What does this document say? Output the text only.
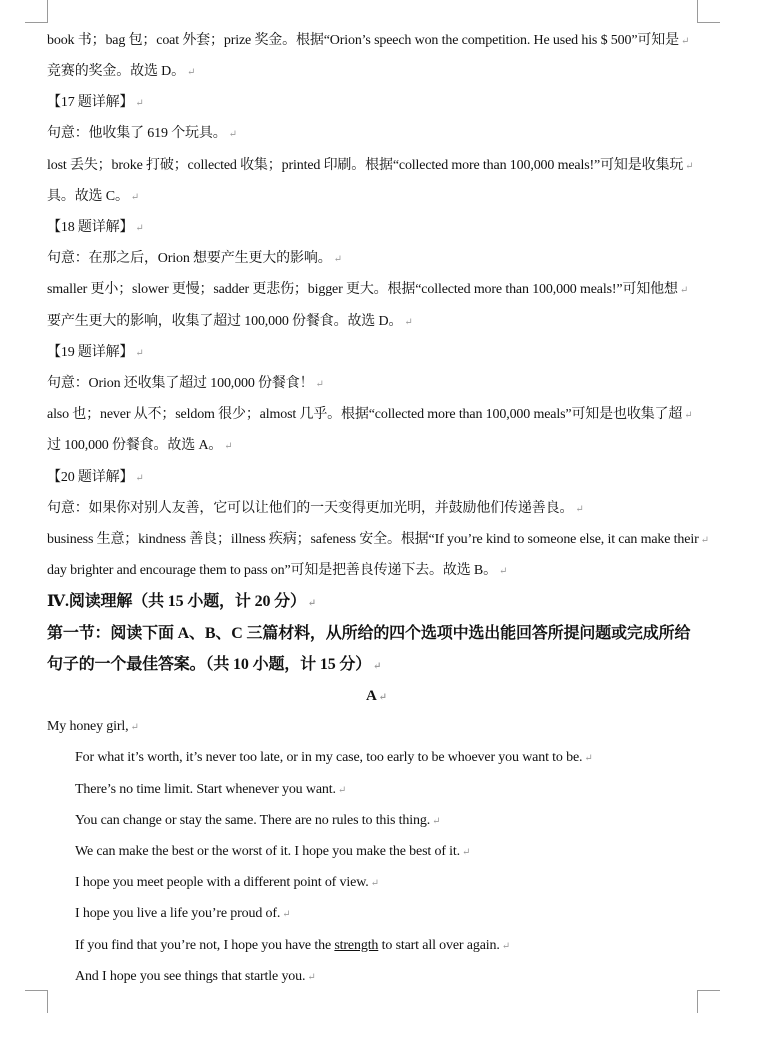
book 书；bag 包；coat 外套；prize 奖金。根据“Orion’s speech won the competition. He used his $ 500”可知是 ↵
竞赛的奖金。故选 D。 ↵
【17 题详解】 ↵
句意：他收集了 619 个玩具。 ↵
lost 丢失；broke 打破；collected 收集；printed 印刷。根据“collected more than 100,000 meals!”可知是收集玩 ↵
具。故选 C。 ↵
【18 题详解】 ↵
句意：在那之后，Orion 想要产生更大的影响。 ↵
smaller 更小；slower 更慢；sadder 更悲伤；bigger 更大。根据“collected more than 100,000 meals!”可知他想 ↵
要产生更大的影响，收集了超过 100,000 份餐食。故选 D。 ↵
【19 题详解】 ↵
句意：Orion 还收集了超过 100,000 份餐食！ ↵
also 也；never 从不；seldom 很少；almost 几乎。根据“collected more than 100,000 meals”可知是也收集了超 ↵
过 100,000 份餐食。故选 A。 ↵
【20 题详解】 ↵
句意：如果你对别人友善，它可以让他们的一天变得更加光明，并鼓励他们传递善良。 ↵
business 生意；kindness 善良；illness 疾病；safeness 安全。根据“If you’re kind to someone else, it can make their ↵
day brighter and encourage them to pass on”可知是把善良传递下去。故选 B。 ↵
Ⅳ.阅读理解（共 15 小题，计 20 分） ↵
第一节：阅读下面 A、B、C 三篇材料，从所给的四个选项中选出能回答所提问题或完成所给
句子的一个最佳答案。（共 10 小题，计 15 分） ↵
A ↵
My honey girl, ↵
For what it’s worth, it’s never too late, or in my case, too early to be whoever you want to be. ↵
There’s no time limit. Start whenever you want. ↵
You can change or stay the same. There are no rules to this thing. ↵
We can make the best or the worst of it. I hope you make the best of it. ↵
I hope you meet people with a different point of view. ↵
I hope you live a life you’re proud of. ↵
If you find that you’re not, I hope you have the strength to start all over again. ↵
And I hope you see things that startle you. ↵
